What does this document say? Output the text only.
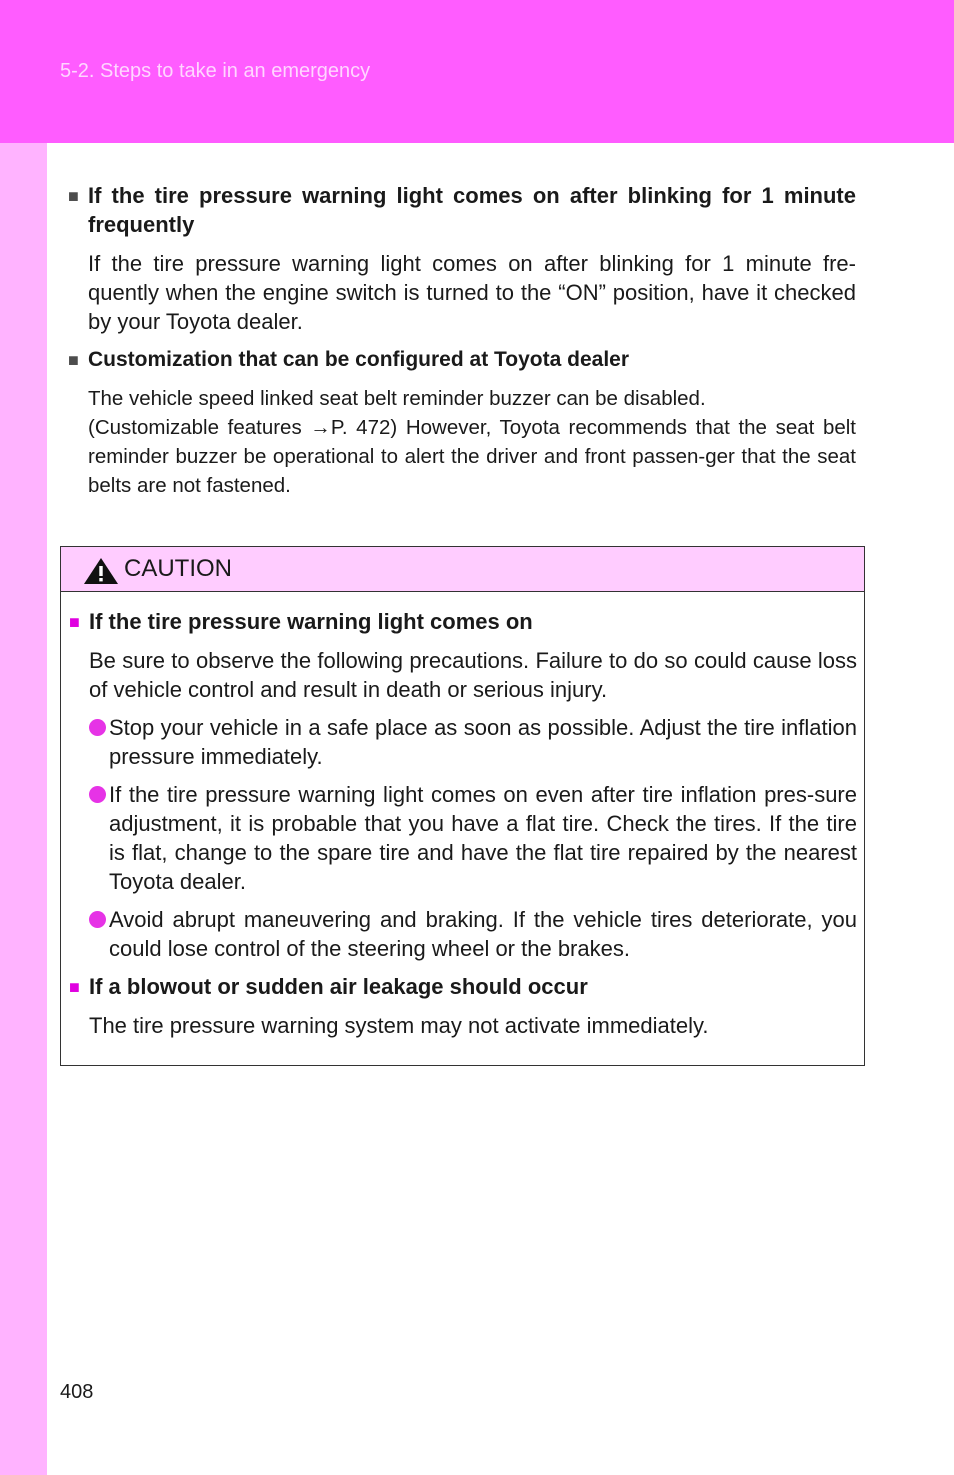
5-2. Steps to take in an emergency
■ If the tire pressure warning light comes on after blinking for 1 minute frequently
If the tire pressure warning light comes on after blinking for 1 minute fre-quently when the engine switch is turned to the “ON” position, have it checked by your Toyota dealer.
■ Customization that can be configured at Toyota dealer
The vehicle speed linked seat belt reminder buzzer can be disabled.
(Customizable features →P. 472) However, Toyota recommends that the seat belt reminder buzzer be operational to alert the driver and front passen-ger that the seat belts are not fastened.
CAUTION
■ If the tire pressure warning light comes on
Be sure to observe the following precautions. Failure to do so could cause loss of vehicle control and result in death or serious injury.
Stop your vehicle in a safe place as soon as possible. Adjust the tire inflation pressure immediately.
If the tire pressure warning light comes on even after tire inflation pres-sure adjustment, it is probable that you have a flat tire. Check the tires. If the tire is flat, change to the spare tire and have the flat tire repaired by the nearest Toyota dealer.
Avoid abrupt maneuvering and braking. If the vehicle tires deteriorate, you could lose control of the steering wheel or the brakes.
■ If a blowout or sudden air leakage should occur
The tire pressure warning system may not activate immediately.
408
